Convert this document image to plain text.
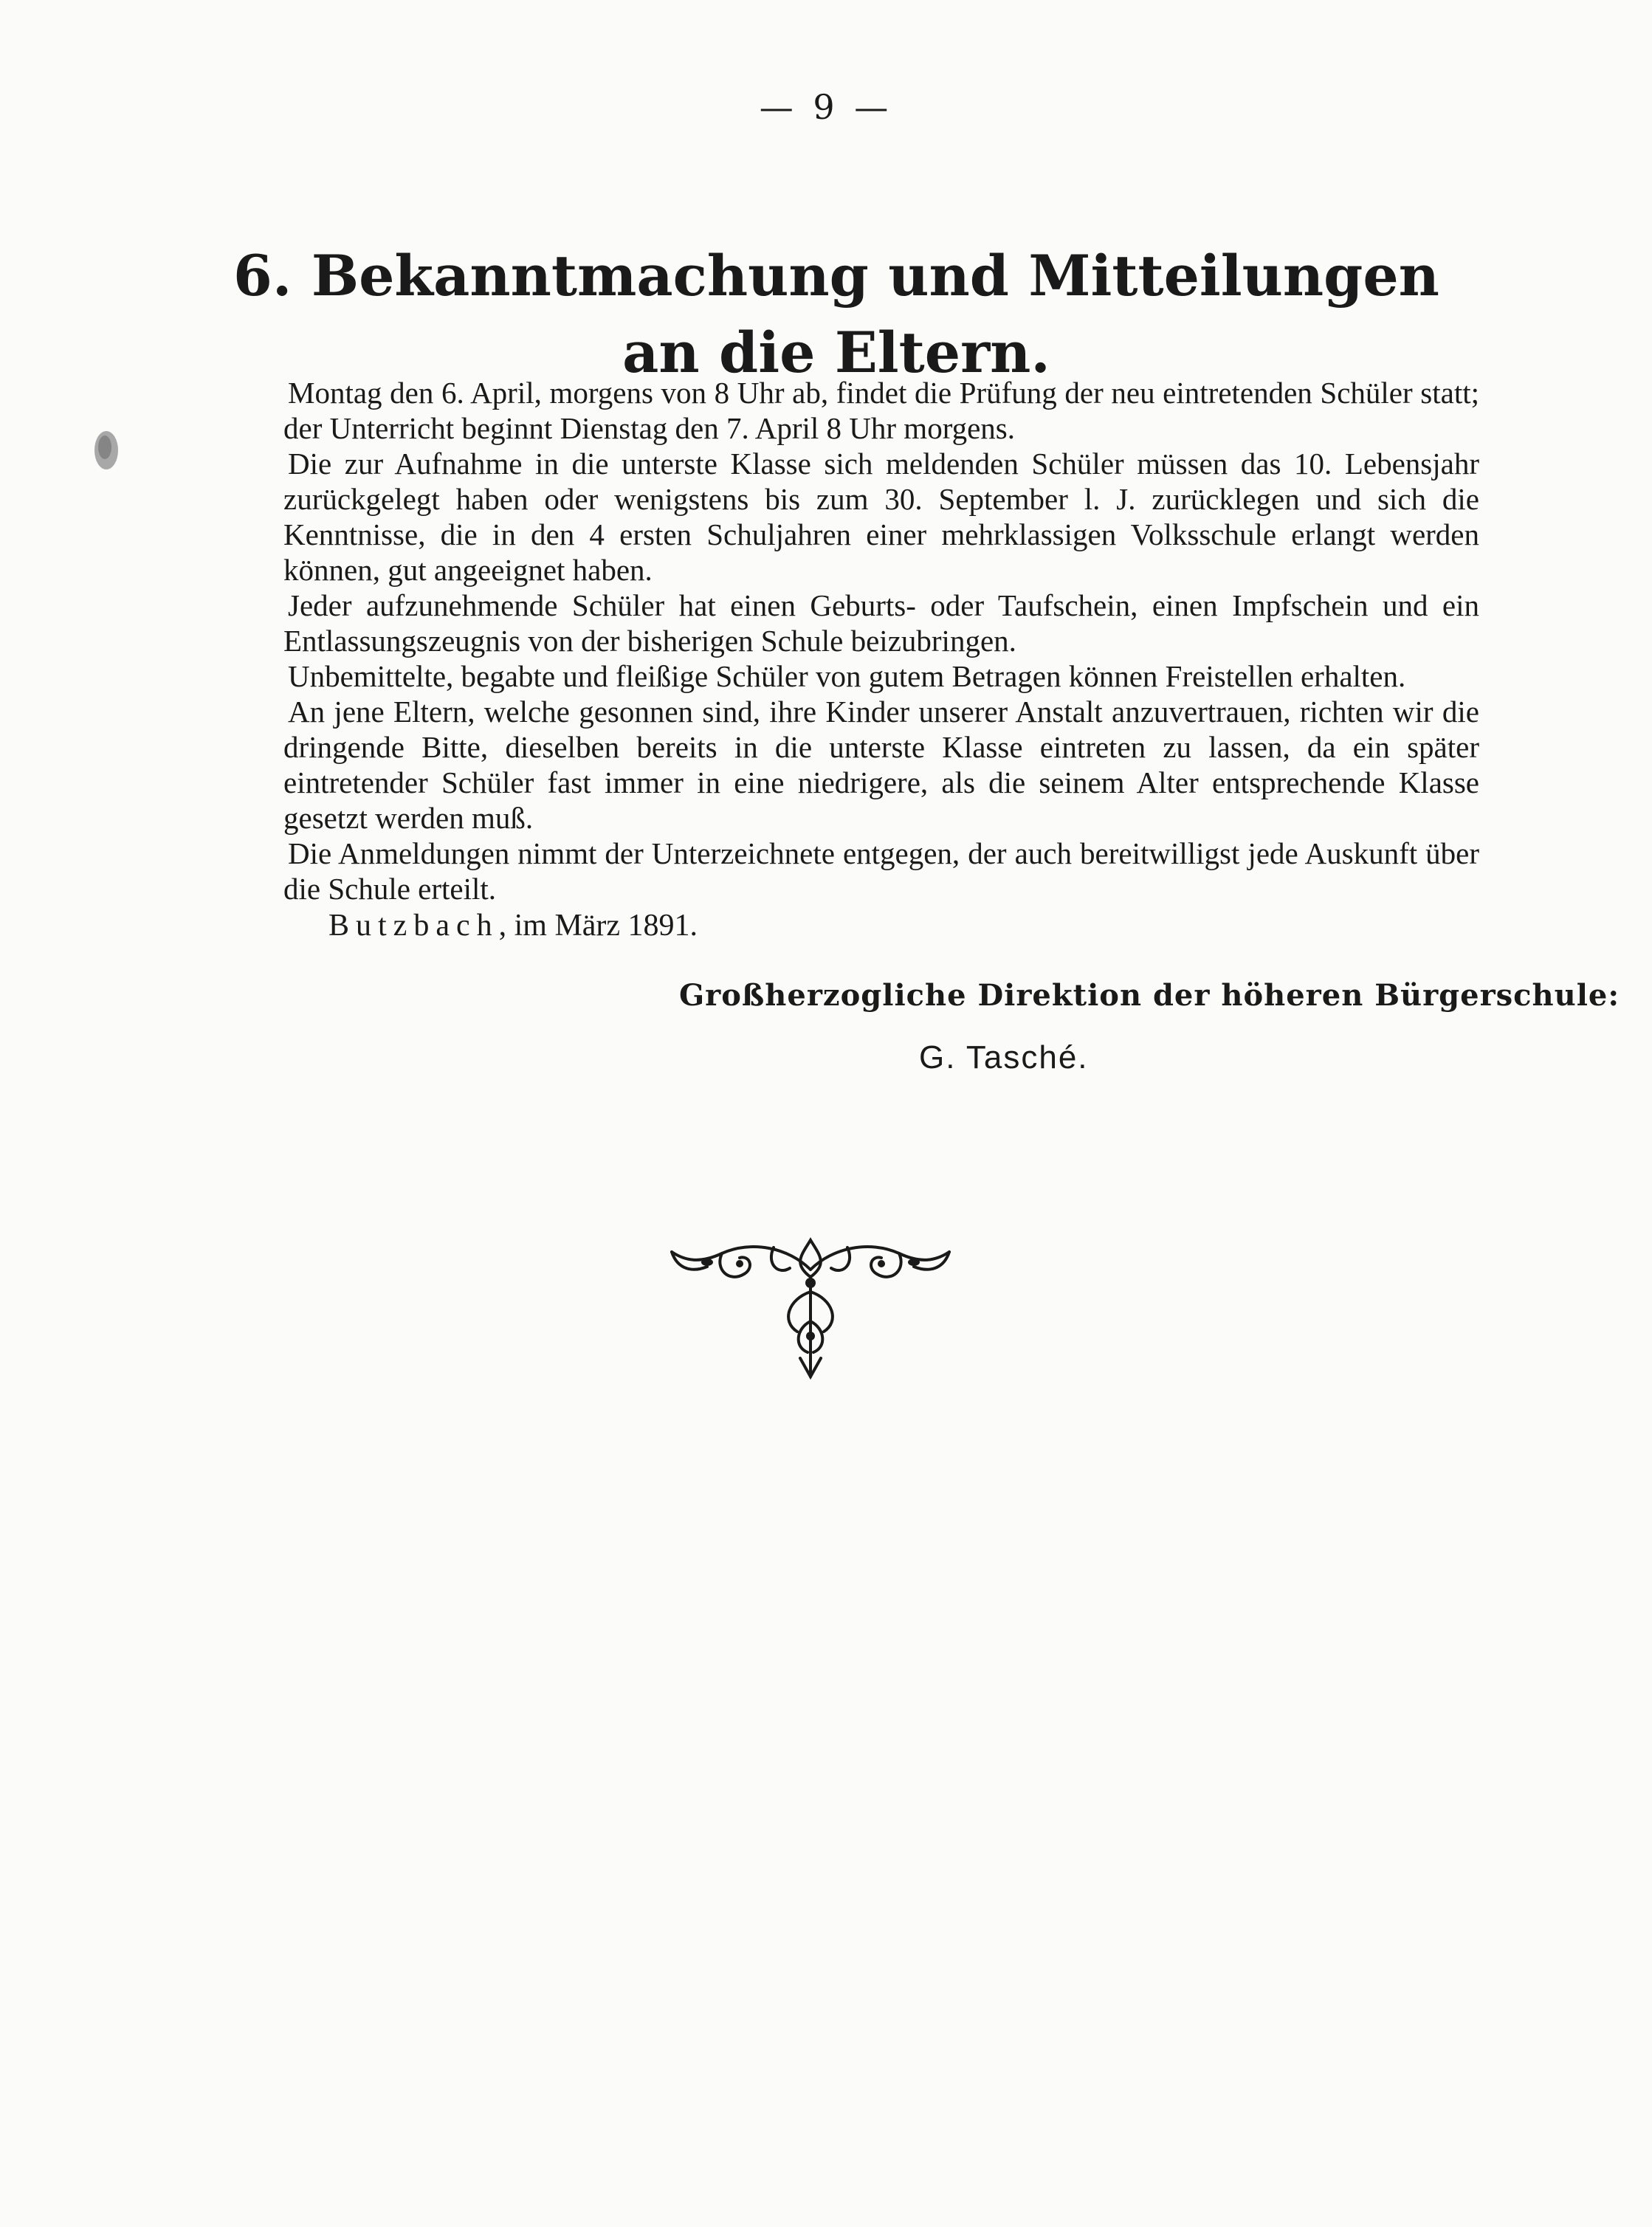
— 9 —
6. Bekanntmachung und Mitteilungen
an die Eltern.

Montag den 6. April, morgens von 8 Uhr ab, findet die Prüfung der neu eintretenden Schüler statt; der Unterricht beginnt Dienstag den 7. April 8 Uhr morgens.

Die zur Aufnahme in die unterste Klasse sich meldenden Schüler müssen das 10. Lebensjahr zurückgelegt haben oder wenigstens bis zum 30. September l. J. zurücklegen und sich die Kenntnisse, die in den 4 ersten Schuljahren einer mehrklassigen Volksschule erlangt werden können, gut angeeignet haben.

Jeder aufzunehmende Schüler hat einen Geburts- oder Taufschein, einen Impfschein und ein Entlassungszeugnis von der bisherigen Schule beizubringen.

Unbemittelte, begabte und fleißige Schüler von gutem Betragen können Freistellen erhalten.

An jene Eltern, welche gesonnen sind, ihre Kinder unserer Anstalt anzuvertrauen, richten wir die dringende Bitte, dieselben bereits in die unterste Klasse eintreten zu lassen, da ein später eintretender Schüler fast immer in eine niedrigere, als die seinem Alter entsprechende Klasse gesetzt werden muß.

Die Anmeldungen nimmt der Unterzeichnete entgegen, der auch bereitwilligst jede Auskunft über die Schule erteilt.

Butzbach, im März 1891.
Großherzogliche Direktion der höheren Bürgerschule:
G. Tasché.
